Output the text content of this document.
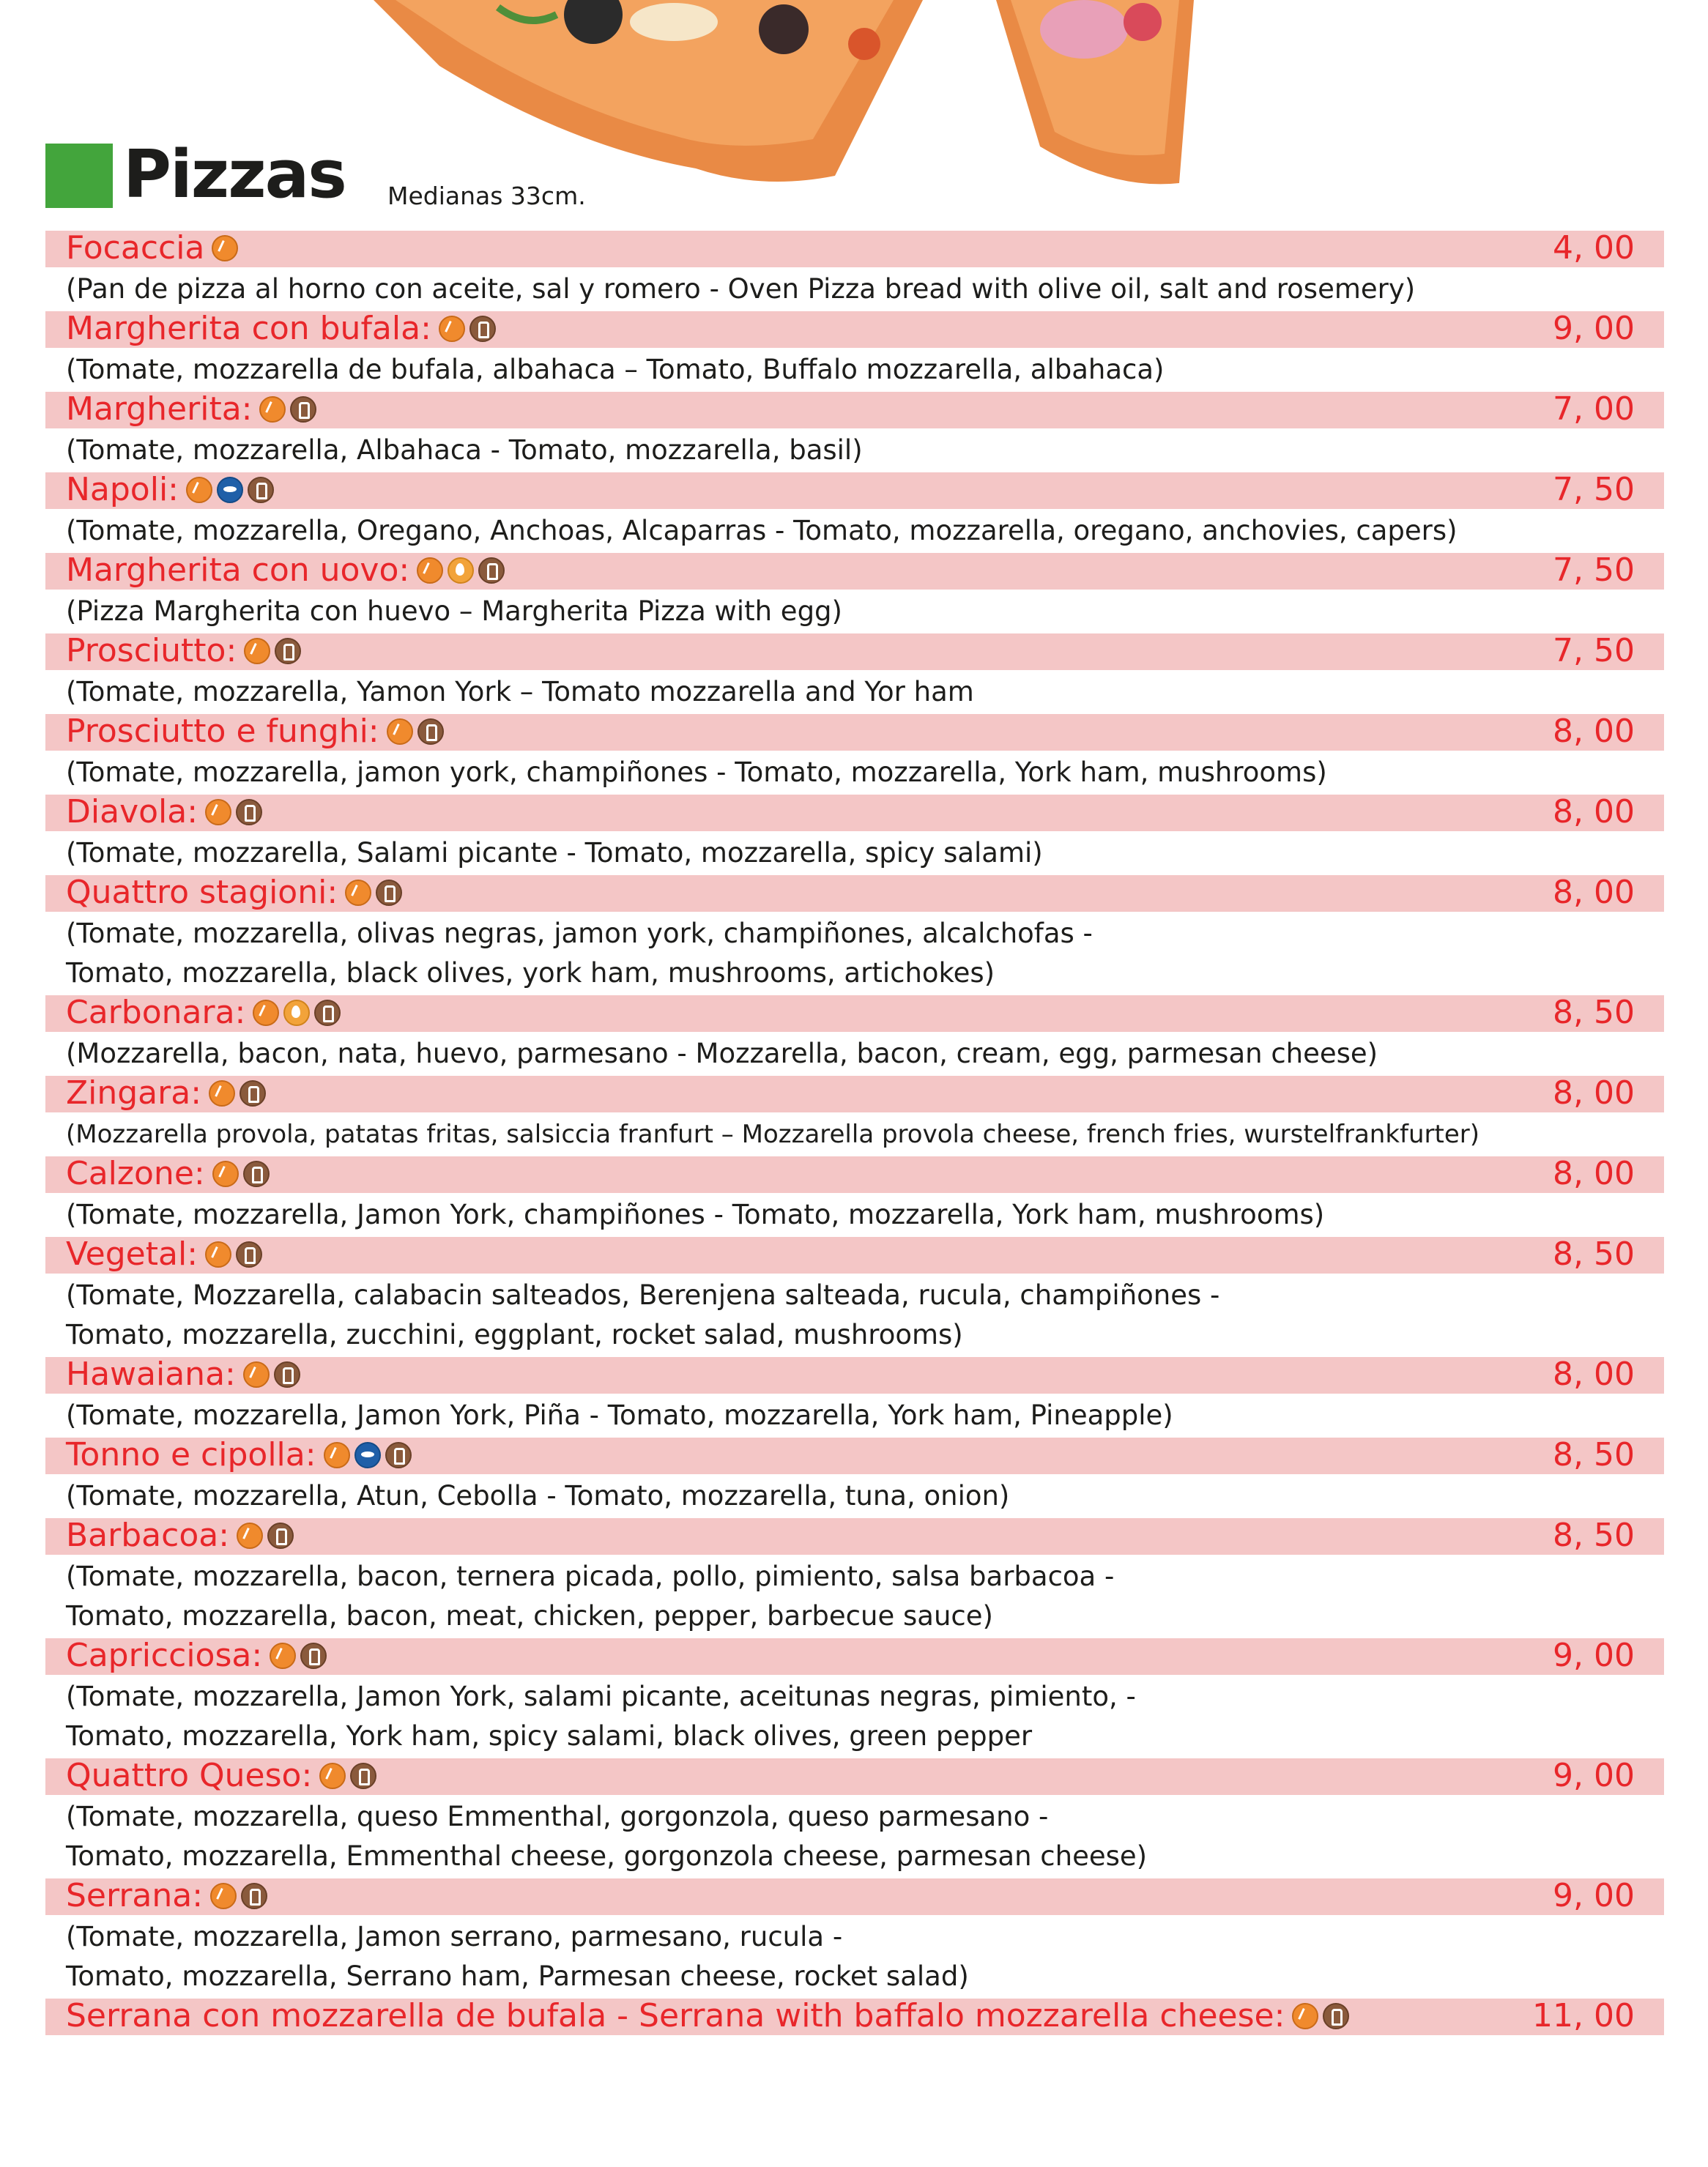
Pizzas Medianas 33cm.
Focaccia	4, 00
(Pan de pizza al horno con aceite, sal y romero - Oven Pizza bread with olive oil, salt and rosemery)
Margherita con bufala:	9, 00
(Tomate, mozzarella de bufala, albahaca – Tomato, Buffalo mozzarella, albahaca)
Margherita:	7, 00
(Tomate, mozzarella, Albahaca - Tomato, mozzarella, basil)
Napoli:	7, 50
(Tomate, mozzarella, Oregano, Anchoas, Alcaparras - Tomato, mozzarella, oregano, anchovies, capers)
Margherita con uovo:	7, 50
(Pizza Margherita con huevo – Margherita Pizza with egg)
Prosciutto:	7, 50
(Tomate, mozzarella, Yamon York – Tomato mozzarella and Yor ham
Prosciutto e funghi:	8, 00
(Tomate, mozzarella, jamon york, champiñones - Tomato, mozzarella, York ham, mushrooms)
Diavola:	8, 00
(Tomate, mozzarella, Salami picante - Tomato, mozzarella, spicy salami)
Quattro stagioni:	8, 00
(Tomate, mozzarella, olivas negras, jamon york, champiñones, alcalchofas -
Tomato, mozzarella, black olives, york ham, mushrooms, artichokes)
Carbonara:	8, 50
(Mozzarella, bacon, nata, huevo, parmesano - Mozzarella, bacon, cream, egg, parmesan cheese)
Zingara:	8, 00
(Mozzarella provola, patatas fritas, salsiccia franfurt – Mozzarella provola cheese, french fries, wurstelfrankfurter)
Calzone:	8, 00
(Tomate, mozzarella, Jamon York, champiñones - Tomato, mozzarella, York ham, mushrooms)
Vegetal:	8, 50
(Tomate, Mozzarella, calabacin salteados, Berenjena salteada, rucula, champiñones -
Tomato, mozzarella, zucchini, eggplant, rocket salad, mushrooms)
Hawaiana:	8, 00
(Tomate, mozzarella, Jamon York, Piña - Tomato, mozzarella, York ham, Pineapple)
Tonno e cipolla:	8, 50
(Tomate, mozzarella, Atun, Cebolla - Tomato, mozzarella, tuna, onion)
Barbacoa:	8, 50
(Tomate, mozzarella, bacon, ternera picada, pollo, pimiento, salsa barbacoa -
Tomato, mozzarella, bacon, meat, chicken, pepper, barbecue sauce)
Capricciosa:	9, 00
(Tomate, mozzarella, Jamon York, salami picante, aceitunas negras, pimiento, -
Tomato, mozzarella, York ham, spicy salami, black olives, green pepper
Quattro Queso:	9, 00
(Tomate, mozzarella, queso Emmenthal, gorgonzola, queso parmesano -
Tomato, mozzarella, Emmenthal cheese, gorgonzola cheese, parmesan cheese)
Serrana:	9, 00
(Tomate, mozzarella, Jamon serrano, parmesano, rucula -
Tomato, mozzarella, Serrano ham, Parmesan cheese, rocket salad)
Serrana con mozzarella de bufala - Serrana with baffalo mozzarella cheese:	11, 00
